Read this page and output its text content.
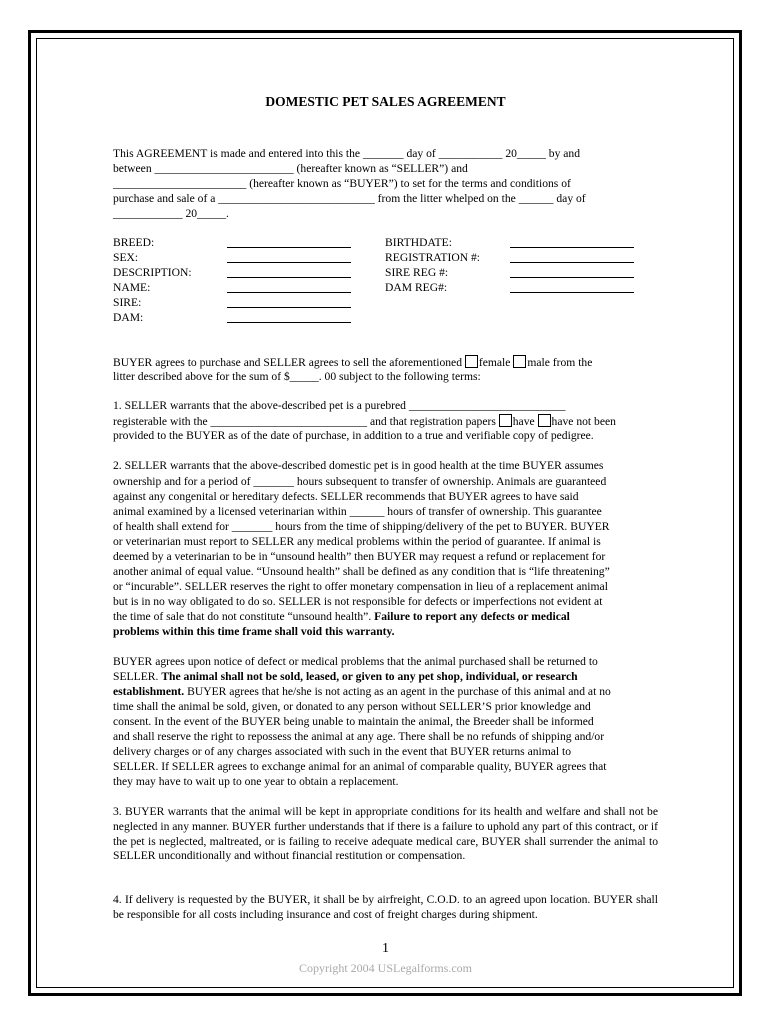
DOMESTIC PET SALES AGREEMENT
This AGREEMENT is made and entered into this the _______ day of ___________ 20_____ by and
between ________________________ (hereafter known as “SELLER”) and
_______________________ (hereafter known as “BUYER”) to set for the terms and conditions of
purchase and sale of a ___________________________ from the litter whelped on the ______ day of
____________ 20_____.
BREED:	BIRTHDATE:
SEX:	REGISTRATION #:
DESCRIPTION:	SIRE REG #:
NAME:	DAM REG#:
SIRE:
DAM:
BUYER agrees to purchase and SELLER agrees to sell the aforementioned female male from the
litter described above for the sum of $_____. 00 subject to the following terms:
1. SELLER warrants that the above-described pet is a purebred ___________________________
registerable with the ___________________________ and that registration papers have have not been
provided to the BUYER as of the date of purchase, in addition to a true and verifiable copy of pedigree.
2. SELLER warrants that the above-described domestic pet is in good health at the time BUYER assumes
ownership and for a period of _______ hours subsequent to transfer of ownership. Animals are guaranteed
against any congenital or hereditary defects. SELLER recommends that BUYER agrees to have said
animal examined by a licensed veterinarian within ______ hours of transfer of ownership. This guarantee
of health shall extend for _______ hours from the time of shipping/delivery of the pet to BUYER. BUYER
or veterinarian must report to SELLER any medical problems within the period of guarantee. If animal is
deemed by a veterinarian to be in “unsound health” then BUYER may request a refund or replacement for
another animal of equal value. “Unsound health” shall be defined as any condition that is “life threatening”
or “incurable”. SELLER reserves the right to offer monetary compensation in lieu of a replacement animal
but is in no way obligated to do so. SELLER is not responsible for defects or imperfections not evident at
the time of sale that do not constitute “unsound health”. Failure to report any defects or medical
problems within this time frame shall void this warranty.
BUYER agrees upon notice of defect or medical problems that the animal purchased shall be returned to
SELLER. The animal shall not be sold, leased, or given to any pet shop, individual, or research
establishment. BUYER agrees that he/she is not acting as an agent in the purchase of this animal and at no
time shall the animal be sold, given, or donated to any person without SELLER’S prior knowledge and
consent. In the event of the BUYER being unable to maintain the animal, the Breeder shall be informed
and shall reserve the right to repossess the animal at any age. There shall be no refunds of shipping and/or
delivery charges or of any charges associated with such in the event that BUYER returns animal to
SELLER. If SELLER agrees to exchange animal for an animal of comparable quality, BUYER agrees that
they may have to wait up to one year to obtain a replacement.
3. BUYER warrants that the animal will be kept in appropriate conditions for its health and welfare and shall not be neglected in any manner. BUYER further understands that if there is a failure to uphold any part of this contract, or if the pet is neglected, maltreated, or is failing to receive adequate medical care, BUYER shall surrender the animal to SELLER unconditionally and without financial restitution or compensation.
4. If delivery is requested by the BUYER, it shall be by airfreight, C.O.D. to an agreed upon location. BUYER shall be responsible for all costs including insurance and cost of freight charges during shipment.
1
Copyright 2004 USLegalforms.com
